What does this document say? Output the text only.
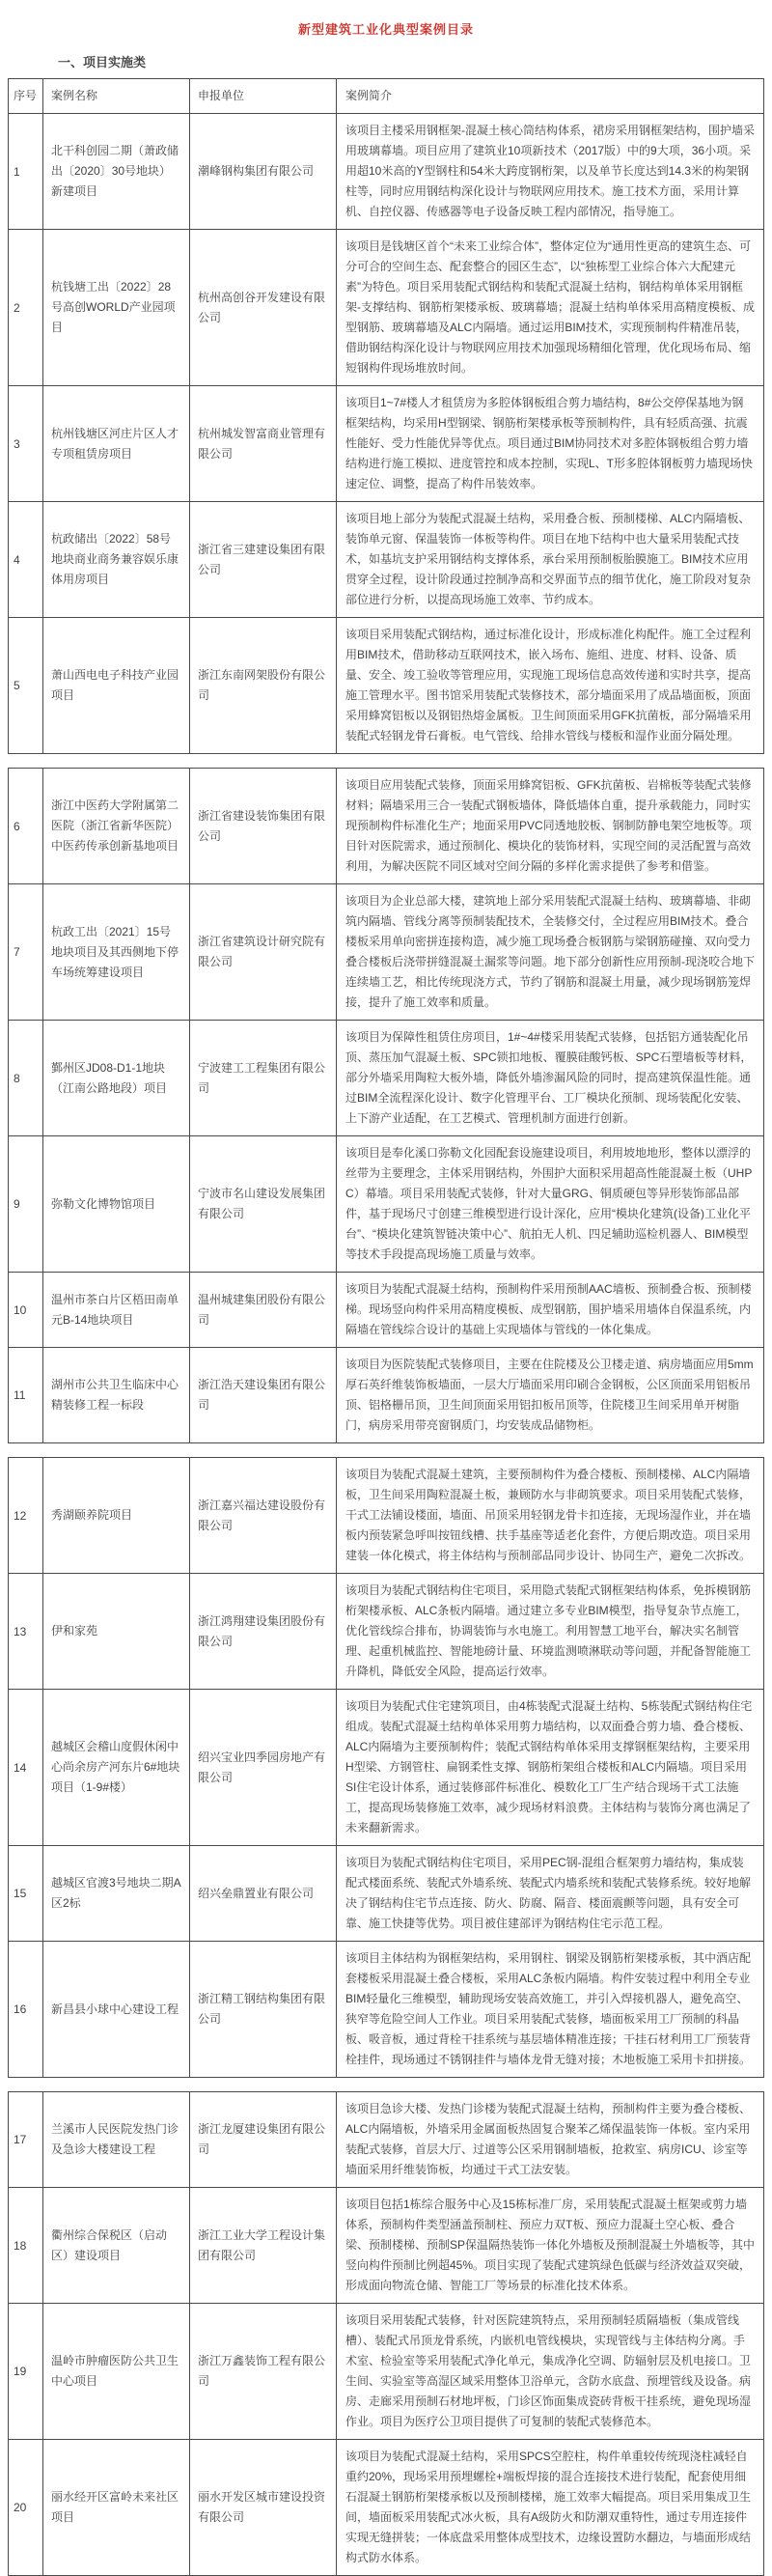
新型建筑工业化典型案例目录
一、项目实施类
序号	案例名称	申报单位	案例简介
1	北干科创园二期（萧政储出〔2020〕30号地块）新建项目	潮峰钢构集团有限公司	该项目主楼采用钢框架-混凝土核心筒结构体系，裙房采用钢框架结构，围护墙采用玻璃幕墙。项目应用了建筑业10项新技术（2017版）中的9大项，36小项。采用超10米高的Y型钢柱和54米大跨度钢桁架，以及单节长度达到14.3米的构架钢柱等，同时应用钢结构深化设计与物联网应用技术。施工技术方面，采用计算机、自控仪器、传感器等电子设备反映工程内部情况，指导施工。
2	杭钱塘工出〔2022〕28号高创WORLD产业园项目	杭州高创谷开发建设有限公司	该项目是钱塘区首个“未来工业综合体”，整体定位为“通用性更高的建筑生态、可分可合的空间生态、配套整合的园区生态”，以“独栋型工业综合体六大配建元素”为特色。项目采用装配式钢结构和装配式混凝土结构，钢结构单体采用钢框架-支撑结构、钢筋桁架楼承板、玻璃幕墙；混凝土结构单体采用高精度模板、成型钢筋、玻璃幕墙及ALC内隔墙。通过运用BIM技术，实现预制构件精准吊装，借助钢结构深化设计与物联网应用技术加强现场精细化管理，优化现场布局、缩短钢构件现场堆放时间。
3	杭州钱塘区河庄片区人才专项租赁房项目	杭州城发智富商业管理有限公司	该项目1~7#楼人才租赁房为多腔体钢板组合剪力墙结构，8#公交停保基地为钢框架结构，均采用H型钢梁、钢筋桁架楼承板等预制构件，具有轻质高强、抗震性能好、受力性能优异等优点。项目通过BIM协同技术对多腔体钢板组合剪力墙结构进行施工模拟、进度管控和成本控制，实现L、T形多腔体钢板剪力墙现场快速定位、调整，提高了构件吊装效率。
4	杭政储出〔2022〕58号地块商业商务兼容娱乐康体用房项目	浙江省三建建设集团有限公司	该项目地上部分为装配式混凝土结构，采用叠合板、预制楼梯、ALC内隔墙板、装饰单元窗、保温装饰一体板等构件。项目在地下结构中也大量采用装配式技术，如基坑支护采用钢结构支撑体系，承台采用预制板胎膜施工。BIM技术应用贯穿全过程，设计阶段通过控制净高和交界面节点的细节优化，施工阶段对复杂部位进行分析，以提高现场施工效率、节约成本。
5	萧山西电电子科技产业园项目	浙江东南网架股份有限公司	该项目采用装配式钢结构，通过标准化设计，形成标准化构配件。施工全过程利用BIM技术，借助移动互联网技术，嵌入场布、施组、进度、材料、设备、质量、安全、竣工验收等管理应用，实现施工现场信息高效传递和实时共享，提高施工管理水平。图书馆采用装配式装修技术，部分墙面采用了成品墙面板，顶面采用蜂窝铝板以及钢铝热熔金属板。卫生间顶面采用GFK抗菌板，部分隔墙采用装配式轻钢龙骨石膏板。电气管线、给排水管线与楼板和湿作业面分隔处理。
6	浙江中医药大学附属第二医院（浙江省新华医院）中医药传承创新基地项目	浙江省建设装饰集团有限公司	该项目应用装配式装修，顶面采用蜂窝铝板、GFK抗菌板、岩棉板等装配式装修材料；隔墙采用三合一装配式钢板墙体，降低墙体自重，提升承载能力，同时实现预制构件标准化生产；地面采用PVC同透地胶板、钢制防静电架空地板等。项目针对医院需求，通过预制化、模块化的装饰材料，实现空间的灵活配置与高效利用，为解决医院不同区域对空间分隔的多样化需求提供了参考和借鉴。
7	杭政工出〔2021〕15号地块项目及其西侧地下停车场统筹建设项目	浙江省建筑设计研究院有限公司	该项目为企业总部大楼，建筑地上部分采用装配式混凝土结构、玻璃幕墙、非砌筑内隔墙、管线分离等预制装配技术，全装修交付，全过程应用BIM技术。叠合楼板采用单向密拼连接构造，减少施工现场叠合板钢筋与梁钢筋碰撞、双向受力叠合楼板后浇带拼缝混凝土漏浆等问题。地下部分创新性应用预制-现浇咬合地下连续墙工艺，相比传统现浇方式，节约了钢筋和混凝土用量，减少现场钢筋笼焊接，提升了施工效率和质量。
8	鄞州区JD08-D1-1地块（江南公路地段）项目	宁波建工工程集团有限公司	该项目为保障性租赁住房项目，1#~4#楼采用装配式装修，包括铝方通装配化吊顶、蒸压加气混凝土板、SPC锁扣地板、覆膜硅酸钙板、SPC石塑墙板等材料，部分外墙采用陶粒大板外墙，降低外墙渗漏风险的同时，提高建筑保温性能。通过BIM全流程深化设计、数字化管理平台、工厂模块化预制、现场装配化安装、上下游产业适配，在工艺模式、管理机制方面进行创新。
9	弥勒文化博物馆项目	宁波市名山建设发展集团有限公司	该项目是奉化溪口弥勒文化园配套设施建设项目，利用坡地地形，整体以漂浮的丝带为主要理念，主体采用钢结构，外围护大面积采用超高性能混凝土板（UHPC）幕墙。项目采用装配式装修，针对大量GRG、铜质硬包等异形装饰部品部件，基于现场尺寸创建三维模型进行设计深化，应用“模块化建筑(设备)工业化平台”、“模块化建筑智链决策中心”、航拍无人机、四足辅助巡检机器人、BIM模型等技术手段提高现场施工质量与效率。
10	温州市茶白片区梧田南单元B-14地块项目	温州城建集团股份有限公司	该项目为装配式混凝土结构，预制构件采用预制AAC墙板、预制叠合板、预制楼梯。现场竖向构件采用高精度模板、成型钢筋，围护墙采用墙体自保温系统，内隔墙在管线综合设计的基础上实现墙体与管线的一体化集成。
11	湖州市公共卫生临床中心精装修工程一标段	浙江浩天建设集团有限公司	该项目为医院装配式装修项目，主要在住院楼及公卫楼走道、病房墙面应用5mm厚石英纤维装饰板墙面，一层大厅墙面采用印刷合金钢板，公区顶面采用铝板吊顶、铝格栅吊顶，卫生间顶面采用铝扣板吊顶等，住院楼卫生间采用单开树脂门，病房采用带亮窗钢质门，均安装成品储物柜。
12	秀湖颐养院项目	浙江嘉兴福达建设股份有限公司	该项目为装配式混凝土建筑，主要预制构件为叠合楼板、预制楼梯、ALC内隔墙板，卫生间采用陶粒混凝土板，兼顾防水与非砌筑要求。项目采用装配式装修，干式工法铺设楼面，墙面、吊顶采用轻钢龙骨卡扣连接，无现场湿作业，并在墙板内预装紧急呼叫按钮线槽、扶手基座等适老化套件，方便后期改造。项目采用建装一体化模式，将主体结构与预制部品同步设计、协同生产，避免二次拆改。
13	伊和家苑	浙江鸿翔建设集团股份有限公司	该项目为装配式钢结构住宅项目，采用隐式装配式钢框架结构体系，免拆模钢筋桁架楼承板、ALC条板内隔墙。通过建立多专业BIM模型，指导复杂节点施工，优化管线综合排布，协调装饰与水电施工。利用智慧工地平台，解决实名制管理、起重机械监控、智能地磅计量、环境监测喷淋联动等问题，并配备智能施工升降机，降低安全风险，提高运行效率。
14	越城区会稽山度假休闲中心尚余房产河东片6#地块项目（1-9#楼）	绍兴宝业四季园房地产有限公司	该项目为装配式住宅建筑项目，由4栋装配式混凝土结构、5栋装配式钢结构住宅组成。装配式混凝土结构单体采用剪力墙结构，以双面叠合剪力墙、叠合楼板、ALC内隔墙为主要预制构件；装配式钢结构单体采用支撑钢框架结构，主要采用H型梁、方钢管柱、扁钢柔性支撑、钢筋桁架组合楼板和ALC内隔墙。项目采用SI住宅设计体系，通过装修部件标准化、模数化工厂生产结合现场干式工法施工，提高现场装修施工效率，减少现场材料浪费。主体结构与装饰分离也满足了未来翻新需求。
15	越城区官渡3号地块二期A区2标	绍兴垒鼎置业有限公司	该项目为装配式钢结构住宅项目，采用PEC钢-混组合框架剪力墙结构，集成装配式楼面系统、装配式外墙系统、装配式内墙系统和装配式装修系统。较好地解决了钢结构住宅节点连接、防火、防腐、隔音、楼面震颤等问题，具有安全可靠、施工快捷等优势。项目被住建部评为钢结构住宅示范工程。
16	新昌县小球中心建设工程	浙江精工钢结构集团有限公司	该项目主体结构为钢框架结构，采用钢柱、钢梁及钢筋桁架楼承板，其中酒店配套楼板采用混凝土叠合楼板，采用ALC条板内隔墙。构件安装过程中利用全专业BIM轻量化三维模型，辅助现场安装高效施工，并引入焊接机器人，避免高空、狭窄等危险空间人工作业。项目采用装配式装修，墙面板采用工厂预制的科晶板、吸音板，通过背栓干挂系统与基层墙体精准连接；干挂石材利用工厂预装背栓挂件，现场通过不锈钢挂件与墙体龙骨无缝对接；木地板施工采用卡扣拼接。
17	兰溪市人民医院发热门诊及急诊大楼建设工程	浙江龙厦建设集团有限公司	该项目急诊大楼、发热门诊楼为装配式混凝土结构，预制构件主要为叠合楼板、ALC内隔墙板，外墙采用金属面板热固复合聚苯乙烯保温装饰一体板。室内采用装配式装修，首层大厅、过道等公区采用钢制墙板，抢救室、病房ICU、诊室等墙面采用纤维装饰板，均通过干式工法安装。
18	衢州综合保税区（启动区）建设项目	浙江工业大学工程设计集团有限公司	该项目包括1栋综合服务中心及15栋标准厂房，采用装配式混凝土框架或剪力墙体系，预制构件类型涵盖预制柱、预应力双T板、预应力混凝土空心板、叠合梁、预制楼梯、预制SP保温隔热装饰一体化外墙板及预制混凝土外墙板等，其中竖向构件预制比例超45%。项目实现了装配式建筑绿色低碳与经济效益双突破，形成面向物流仓储、智能工厂等场景的标准化技术体系。
19	温岭市肿瘤医防公共卫生中心项目	浙江万鑫装饰工程有限公司	该项目采用装配式装修，针对医院建筑特点，采用预制轻质隔墙板（集成管线槽）、装配式吊顶龙骨系统，内嵌机电管线模块，实现管线与主体结构分离。手术室、检验室等采用装配式净化单元，集成净化空调、防辐射层及机电接口。卫生间、实验室等高湿区域采用整体卫浴单元，含防水底盘、预埋管线及设备。病房、走廊采用预制石材地坪板，门诊区饰面集成瓷砖背板干挂系统，避免现场湿作业。项目为医疗公卫项目提供了可复制的装配式装修范本。
20	丽水经开区富岭未来社区项目	丽水开发区城市建设投资有限公司	该项目为装配式混凝土结构，采用SPCS空腔柱，构件单重较传统现浇柱减轻自重约20%，现场采用预埋螺栓+端板焊接的混合连接技术进行装配，配套使用细石混凝土钢筋桁架楼承板以及预制楼梯，施工效率大幅提高。项目采用集成卫生间，墙面板采用装配式冰火板，具有A级防火和防潮双重特性，通过专用连接件实现无缝拼装；一体底盘采用整体成型技术，边缘设置防水翻边，与墙面形成结构式防水体系。
